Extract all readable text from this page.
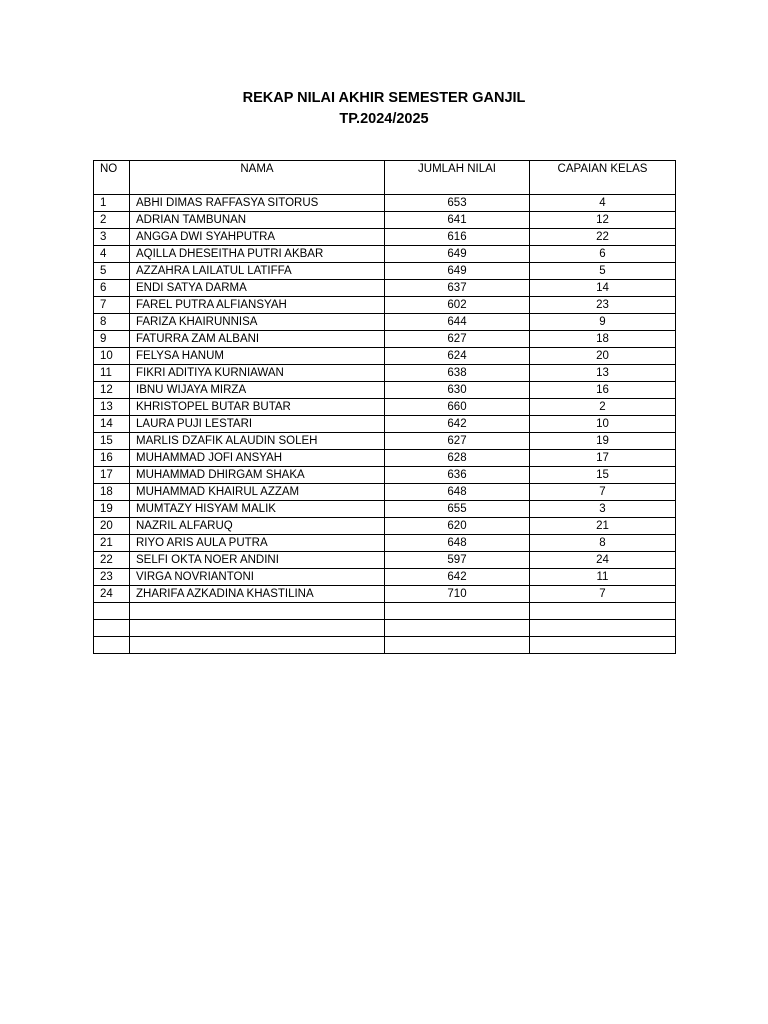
REKAP NILAI AKHIR SEMESTER GANJIL
TP.2024/2025
NO	NAMA	JUMLAH NILAI	CAPAIAN KELAS
1	ABHI DIMAS RAFFASYA SITORUS	653	4
2	ADRIAN TAMBUNAN	641	12
3	ANGGA DWI SYAHPUTRA	616	22
4	AQILLA DHESEITHA PUTRI AKBAR	649	6
5	AZZAHRA LAILATUL LATIFFA	649	5
6	ENDI SATYA DARMA	637	14
7	FAREL PUTRA ALFIANSYAH	602	23
8	FARIZA KHAIRUNNISA	644	9
9	FATURRA ZAM ALBANI	627	18
10	FELYSA HANUM	624	20
11	FIKRI ADITIYA KURNIAWAN	638	13
12	IBNU WIJAYA MIRZA	630	16
13	KHRISTOPEL BUTAR BUTAR	660	2
14	LAURA PUJI LESTARI	642	10
15	MARLIS DZAFIK ALAUDIN SOLEH	627	19
16	MUHAMMAD JOFI ANSYAH	628	17
17	MUHAMMAD DHIRGAM SHAKA	636	15
18	MUHAMMAD KHAIRUL AZZAM	648	7
19	MUMTAZY HISYAM MALIK	655	3
20	NAZRIL ALFARUQ	620	21
21	RIYO ARIS AULA PUTRA	648	8
22	SELFI OKTA NOER ANDINI	597	24
23	VIRGA NOVRIANTONI	642	11
24	ZHARIFA AZKADINA KHASTILINA	710	7
